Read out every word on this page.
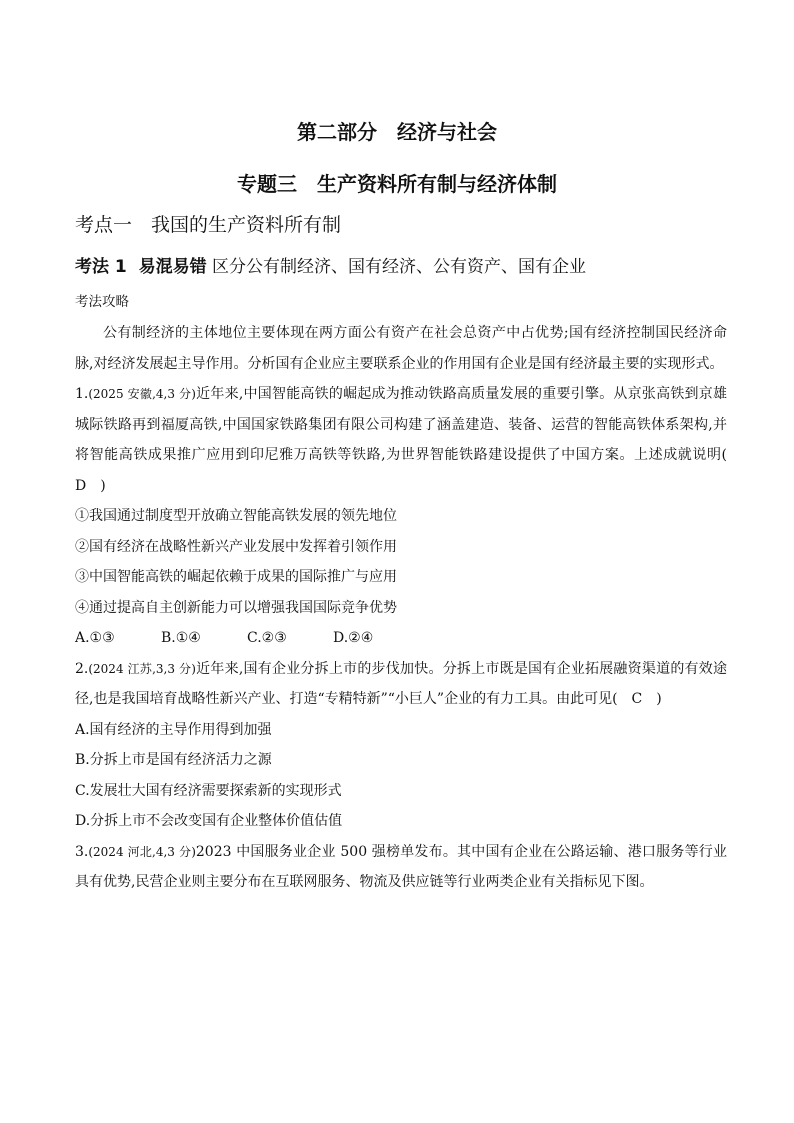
第二部分　经济与社会
专题三　生产资料所有制与经济体制
考点一　我国的生产资料所有制
考法 1  易混易错 区分公有制经济、国有经济、公有资产、国有企业
考法攻略

公有制经济的主体地位主要体现在两方面公有资产在社会总资产中占优势;国有经济控制国民经济命脉,对经济发展起主导作用。分析国有企业应主要联系企业的作用国有企业是国有经济最主要的实现形式。

1.(2025 安徽,4,3 分)近年来,中国智能高铁的崛起成为推动铁路高质量发展的重要引擎。从京张高铁到京雄城际铁路再到福厦高铁,中国国家铁路集团有限公司构建了涵盖建造、装备、运营的智能高铁体系架构,并将智能高铁成果推广应用到印尼雅万高铁等铁路,为世界智能铁路建设提供了中国方案。上述成就说明(　D　)

①我国通过制度型开放确立智能高铁发展的领先地位

②国有经济在战略性新兴产业发展中发挥着引领作用

③中国智能高铁的崛起依赖于成果的国际推广与应用

④通过提高自主创新能力可以增强我国国际竞争优势

A.①③	B.①④	C.②③	D.②④

2.(2024 江苏,3,3 分)近年来,国有企业分拆上市的步伐加快。分拆上市既是国有企业拓展融资渠道的有效途径,也是我国培育战略性新兴产业、打造“专精特新”“小巨人”企业的有力工具。由此可见(　C　)

A.国有经济的主导作用得到加强

B.分拆上市是国有经济活力之源

C.发展壮大国有经济需要探索新的实现形式

D.分拆上市不会改变国有企业整体价值估值

3.(2024 河北,4,3 分)2023 中国服务业企业 500 强榜单发布。其中国有企业在公路运输、港口服务等行业具有优势,民营企业则主要分布在互联网服务、物流及供应链等行业两类企业有关指标见下图。
